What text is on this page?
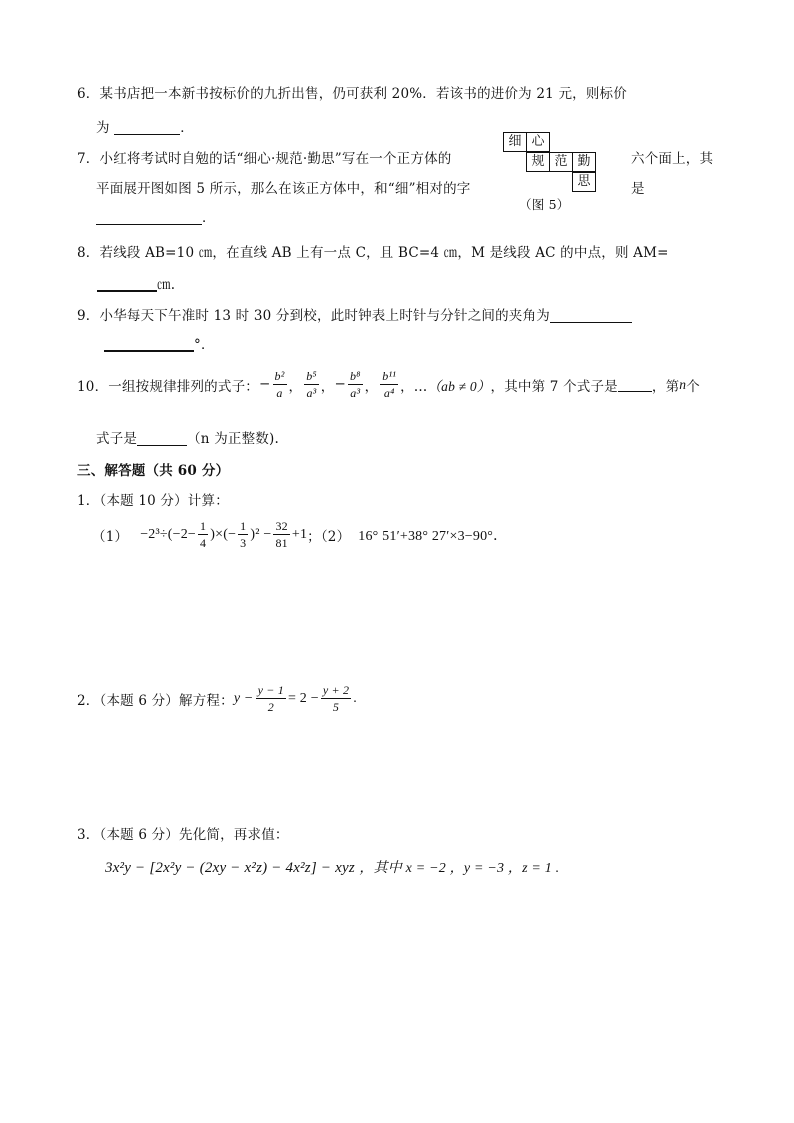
6．某书店把一本新书按标价的九折出售，仍可获利 20%．若该书的进价为 21 元，则标价
为	．
7．小红将考试时自勉的话“细心·规范·勤思”写在一个正方体的
平面展开图如图 5 所示，那么在该正方体中，和“细”相对的字
六个面上，其
是
．
细 心
规 范 勤
思
（图 5）
8．若线段 AB=10 ㎝，在直线 AB 上有一点 C，且 BC=4 ㎝，M 是线段 AC 的中点，则 AM=
㎝.
9．小华每天下午准时 13 时 30 分到校，此时钟表上时针与分针之间的夹角为
°．
10．一组按规律排列的式子： − $\frac{\text{b²}}{a}$ ， $\frac{\text{b⁵}}{\text{a³}}$ ， − $\frac{\text{b⁸}}{\text{a³}}$ ， $\frac{\text{b¹¹}}{\text{a⁴}}$ ，… （ab ≠ 0） ，其中第 7 个式子是	，第 n 个
式子是	（n 为正整数).
三、解答题（共 60 分）
1．（本题 10 分）计算：
$(1) -2^3\div(-2- \frac{1}{4}$ )×(− $\frac{1}{3} )^2 - \frac{32}{81} +1$ ；（2） 16° 51′+38° 27′×3−90°．
2．（本题 6 分）解方程： $y - \frac{y - 1}{2} = 2 - \frac{y + 2}{5}$ .
3．（本题 6 分）先化简，再求值：
3x²y − [2x²y − (2xy − x²z) − 4x²z] − xyz ，其中 x = −2 ，y = −3 ，z = 1 .
